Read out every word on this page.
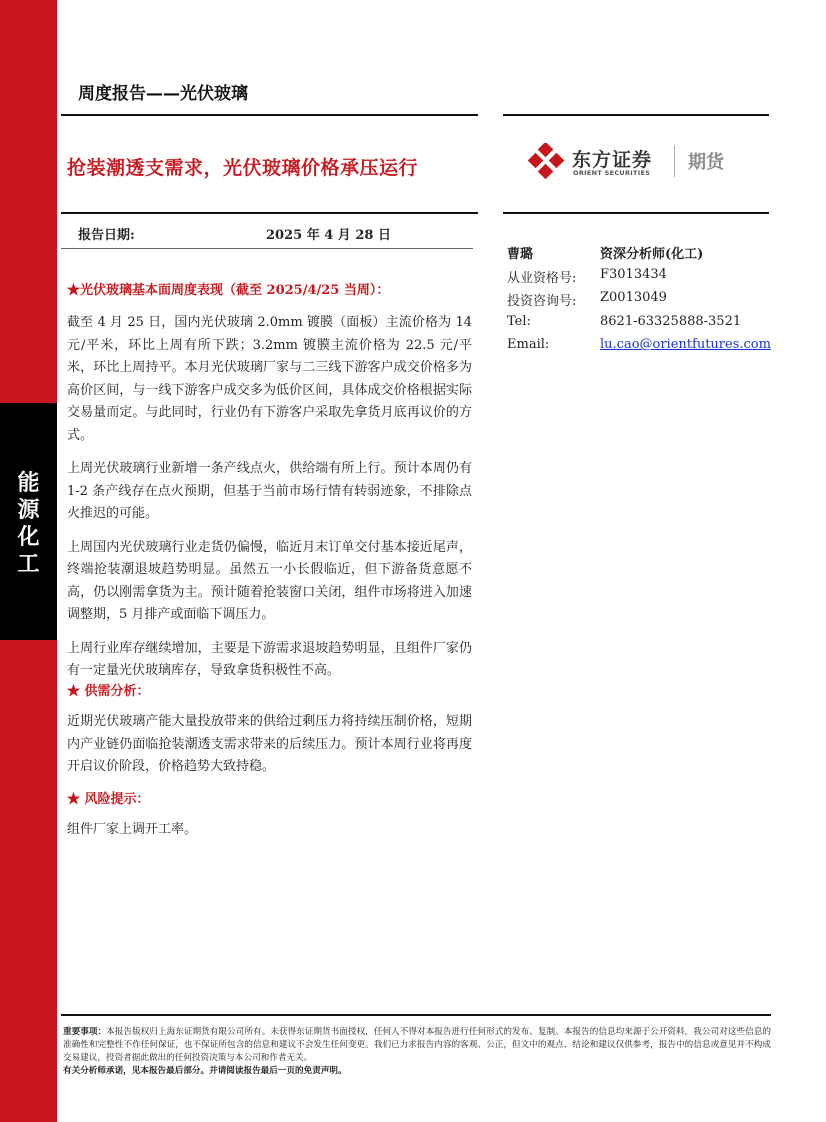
能
源
化
工
周度报告——光伏玻璃
抢装潮透支需求，光伏玻璃价格承压运行	东方证券
ORIENT SECURITIES 期货
报告日期:	2025 年 4 月 28 日
曹璐	资深分析师(化工)
从业资格号: F3013434
投资咨询号: Z0013049
Tel:	8621-63325888-3521
Email:	lu.cao@orientfutures.com
★光伏玻璃基本面周度表现（截至 2025/4/25 当周）：
截至 4 月 25 日，国内光伏玻璃 2.0mm 镀膜（面板）主流价格为 14 元/平米，环比上周有所下跌；3.2mm 镀膜主流价格为 22.5 元/平米，环比上周持平。本月光伏玻璃厂家与二三线下游客户成交价格多为高价区间，与一线下游客户成交多为低价区间，具体成交价格根据实际交易量而定。与此同时，行业仍有下游客户采取先拿货月底再议价的方式。
上周光伏玻璃行业新增一条产线点火，供给端有所上行。预计本周仍有 1-2 条产线存在点火预期，但基于当前市场行情有转弱迹象，不排除点火推迟的可能。
上周国内光伏玻璃行业走货仍偏慢，临近月末订单交付基本接近尾声，终端抢装潮退坡趋势明显。虽然五一小长假临近，但下游备货意愿不高，仍以刚需拿货为主。预计随着抢装窗口关闭，组件市场将进入加速调整期，5 月排产或面临下调压力。
上周行业库存继续增加，主要是下游需求退坡趋势明显，且组件厂家仍有一定量光伏玻璃库存，导致拿货积极性不高。
★ 供需分析：
近期光伏玻璃产能大量投放带来的供给过剩压力将持续压制价格，短期内产业链仍面临抢装潮透支需求带来的后续压力。预计本周行业将再度开启议价阶段，价格趋势大致持稳。
★ 风险提示：
组件厂家上调开工率。
重要事项：本报告版权归上海东证期货有限公司所有。未获得东证期货书面授权，任何人不得对本报告进行任何形式的发布、复制。本报告的信息均来源于公开资料，我公司对这些信息的准确性和完整性不作任何保证，也不保证所包含的信息和建议不会发生任何变更。我们已力求报告内容的客观、公正，但文中的观点、结论和建议仅供参考，报告中的信息或意见并不构成交易建议，投资者据此做出的任何投资决策与本公司和作者无关。
有关分析师承诺，见本报告最后部分。并请阅读报告最后一页的免责声明。
